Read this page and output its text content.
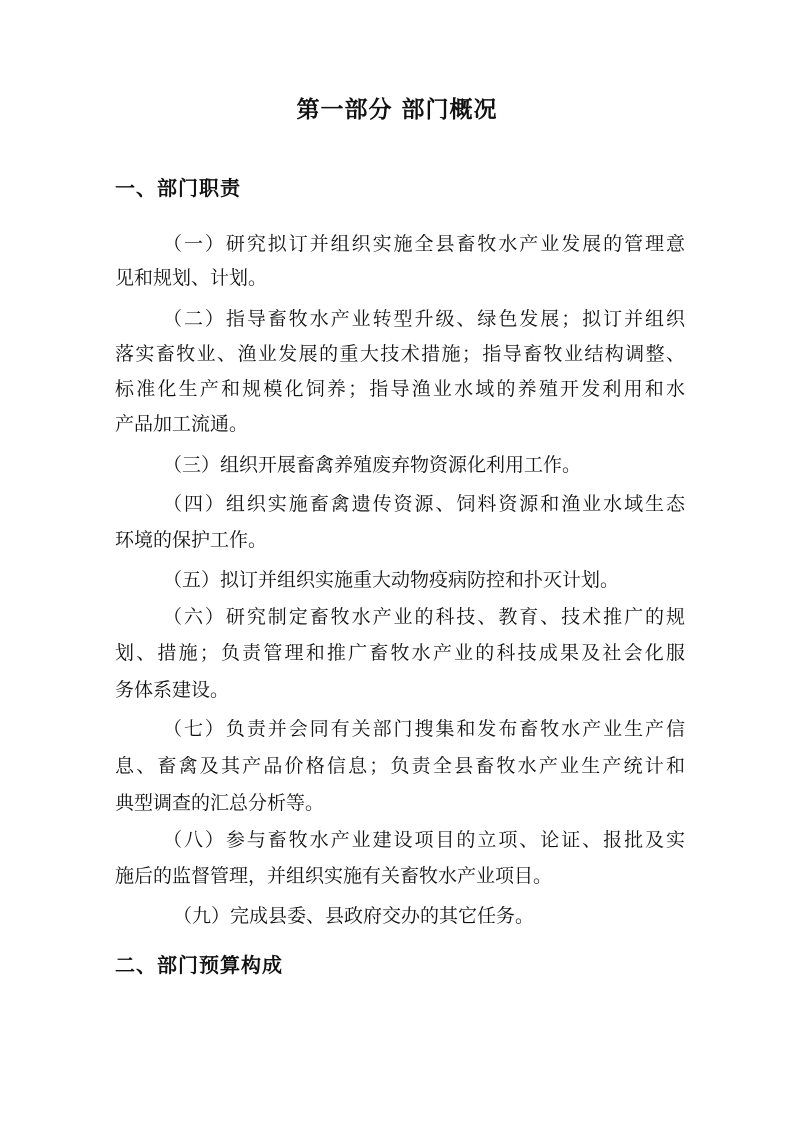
第一部分 部门概况
一、部门职责
（一）研究拟订并组织实施全县畜牧水产业发展的管理意
见和规划、计划。
（二）指导畜牧水产业转型升级、绿色发展；拟订并组织
落实畜牧业、渔业发展的重大技术措施；指导畜牧业结构调整、
标准化生产和规模化饲养；指导渔业水域的养殖开发利用和水
产品加工流通。
（三）组织开展畜禽养殖废弃物资源化利用工作。
（四）组织实施畜禽遗传资源、饲料资源和渔业水域生态
环境的保护工作。
（五）拟订并组织实施重大动物疫病防控和扑灭计划。
（六）研究制定畜牧水产业的科技、教育、技术推广的规
划、措施；负责管理和推广畜牧水产业的科技成果及社会化服
务体系建设。
（七）负责并会同有关部门搜集和发布畜牧水产业生产信
息、畜禽及其产品价格信息；负责全县畜牧水产业生产统计和
典型调查的汇总分析等。
（八）参与畜牧水产业建设项目的立项、论证、报批及实
施后的监督管理，并组织实施有关畜牧水产业项目。
（九）完成县委、县政府交办的其它任务。
二、部门预算构成
